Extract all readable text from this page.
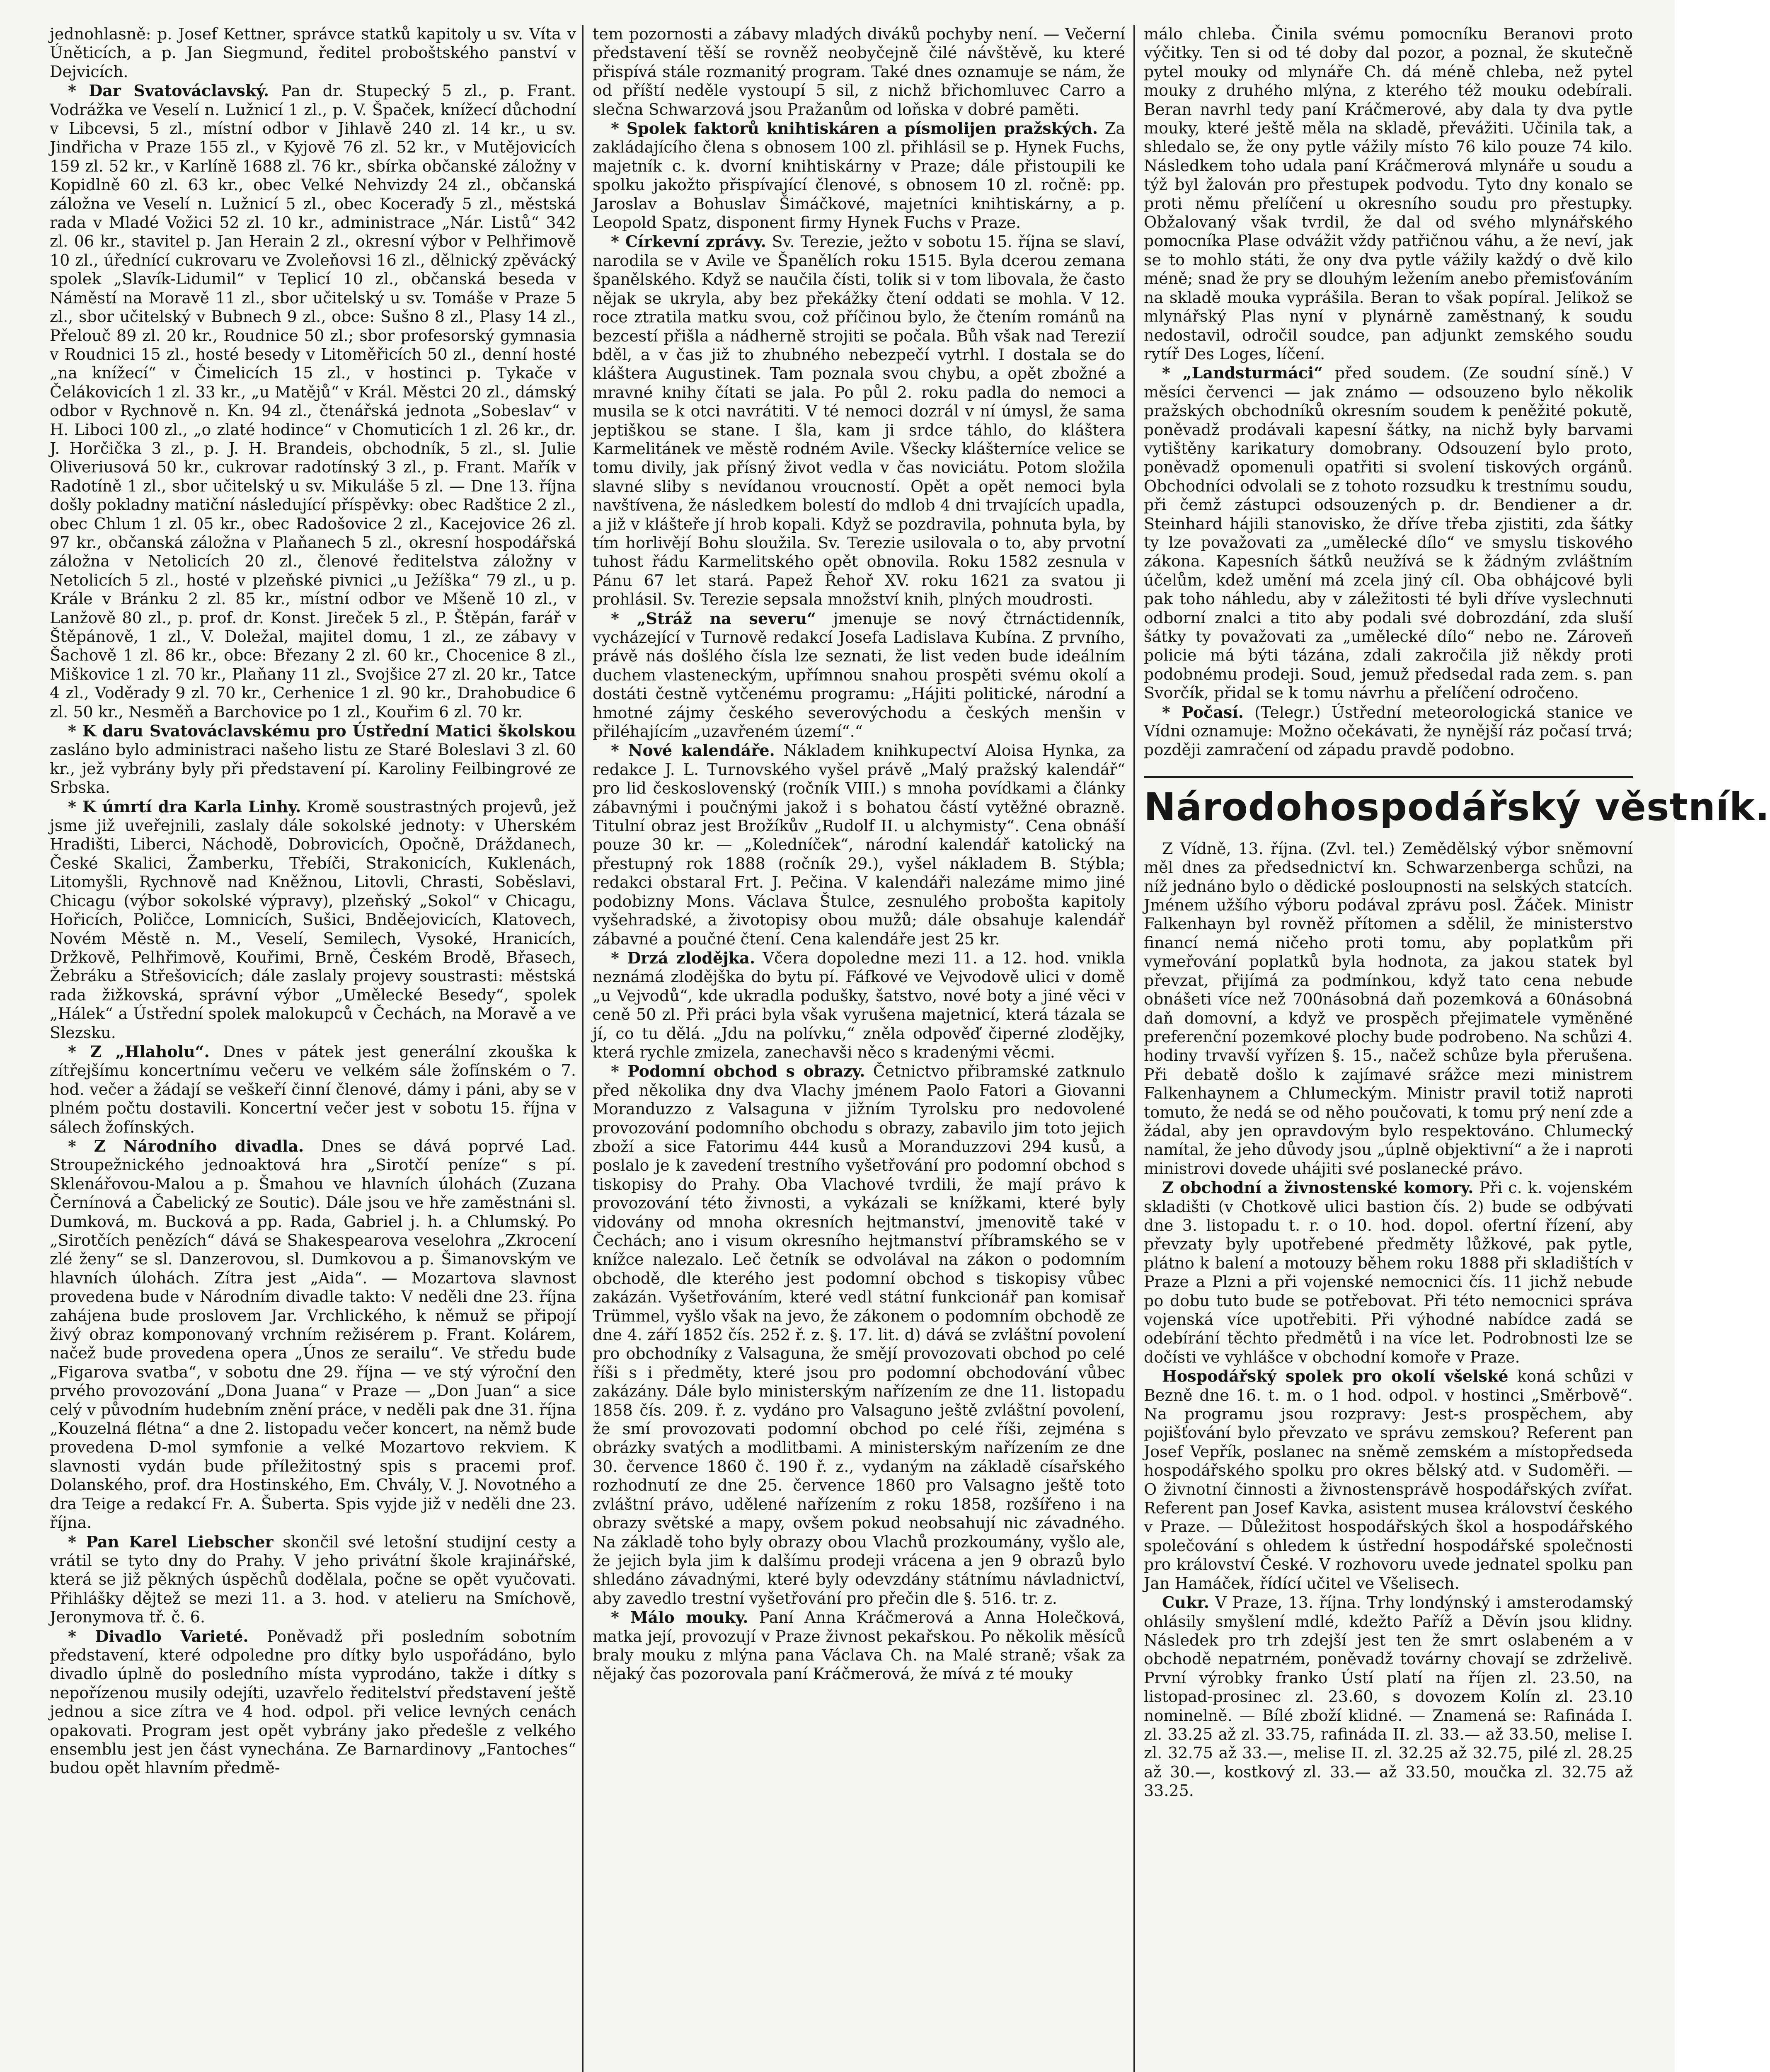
jednohlasně: p. Josef Kettner, správce statků kapitoly u sv. Víta v Úněticích, a p. Jan Siegmund, ředitel proboštského panství v Dejvicích.

* Dar Svatováclavský. Pan dr. Stupecký 5 zl., p. Frant. Vodrážka ve Veselí n. Lužnicí 1 zl., p. V. Špaček, knížecí důchodní v Libcevsi, 5 zl., místní odbor v Jihlavě 240 zl. 14 kr., u sv. Jindřicha v Praze 155 zl., v Kyjově 76 zl. 52 kr., v Mutějovicích 159 zl. 52 kr., v Karlíně 1688 zl. 76 kr., sbírka občanské záložny v Kopidlně 60 zl. 63 kr., obec Velké Nehvizdy 24 zl., občanská záložna ve Veselí n. Lužnicí 5 zl., obec Koceraďy 5 zl., městská rada v Mladé Vožici 52 zl. 10 kr., administrace „Nár. Listů“ 342 zl. 06 kr., stavitel p. Jan Herain 2 zl., okresní výbor v Pelhřimově 10 zl., úřednící cukrovaru ve Zvoleňovsi 16 zl., dělnický zpěvácký spolek „Slavík-Lidumil“ v Teplicí 10 zl., občanská beseda v Náměstí na Moravě 11 zl., sbor učitelský u sv. Tomáše v Praze 5 zl., sbor učitelský v Bubnech 9 zl., obce: Sušno 8 zl., Plasy 14 zl., Přelouč 89 zl. 20 kr., Roudnice 50 zl.; sbor profesorský gymnasia v Roudnici 15 zl., hosté besedy v Litoměřicích 50 zl., denní hosté „na knížecí“ v Čimelicích 15 zl., v hostinci p. Tykače v Čelákovicích 1 zl. 33 kr., „u Matějů“ v Král. Městci 20 zl., dámský odbor v Rychnově n. Kn. 94 zl., čtenářská jednota „Sobeslav“ v H. Liboci 100 zl., „o zlaté hodince“ v Chomuticích 1 zl. 26 kr., dr. J. Horčička 3 zl., p. J. H. Brandeis, obchodník, 5 zl., sl. Julie Oliveriusová 50 kr., cukrovar radotínský 3 zl., p. Frant. Mařík v Radotíně 1 zl., sbor učitelský u sv. Mikuláše 5 zl. — Dne 13. října došly pokladny matiční následující příspěvky: obec Radštice 2 zl., obec Chlum 1 zl. 05 kr., obec Radošovice 2 zl., Kacejovice 26 zl. 97 kr., občanská záložna v Plaňanech 5 zl., okresní hospodářská záložna v Netolicích 20 zl., členové ředitelstva záložny v Netolicích 5 zl., hosté v plzeňské pivnici „u Ježíška“ 79 zl., u p. Krále v Bránku 2 zl. 85 kr., místní odbor ve Mšeně 10 zl., v Lanžově 80 zl., p. prof. dr. Konst. Jireček 5 zl., P. Štěpán, farář v Štěpánově, 1 zl., V. Doležal, majitel domu, 1 zl., ze zábavy v Šachově 1 zl. 86 kr., obce: Březany 2 zl. 60 kr., Chocenice 8 zl., Miškovice 1 zl. 70 kr., Plaňany 11 zl., Svojšice 27 zl. 20 kr., Tatce 4 zl., Voděrady 9 zl. 70 kr., Cerhenice 1 zl. 90 kr., Drahobudice 6 zl. 50 kr., Nesměň a Barchovice po 1 zl., Kouřim 6 zl. 70 kr.

* K daru Svatováclavskému pro Ústřední Matici školskou zasláno bylo administraci našeho listu ze Staré Boleslavi 3 zl. 60 kr., jež vybrány byly při představení pí. Karoliny Feilbingrové ze Srbska.

* K úmrtí dra Karla Linhy. Kromě soustrastných projevů, jež jsme již uveřejnili, zaslaly dále sokolské jednoty: v Uherském Hradišti, Liberci, Náchodě, Dobrovicích, Opočně, Dráždanech, České Skalici, Žamberku, Třebíči, Strakonicích, Kuklenách, Litomyšli, Rychnově nad Kněžnou, Litovli, Chrasti, Soběslavi, Chicagu (výbor sokolské výpravy), plzeňský „Sokol“ v Chicagu, Hořicích, Poličce, Lomnicích, Sušici, Bnděejovicích, Klatovech, Novém Městě n. M., Veselí, Semilech, Vysoké, Hranicích, Držkově, Pelhřimově, Kouřimi, Brně, Českém Brodě, Břasech, Žebráku a Střešovicích; dále zaslaly projevy soustrasti: městská rada žižkovská, správní výbor „Umělecké Besedy“, spolek „Hálek“ a Ústřední spolek malokupců v Čechách, na Moravě a ve Slezsku.

* Z „Hlaholu“. Dnes v pátek jest generální zkouška k zítřejšímu koncertnímu večeru ve velkém sále žofínském o 7. hod. večer a žádají se veškeří činní členové, dámy i páni, aby se v plném počtu dostavili. Koncertní večer jest v sobotu 15. října v sálech žofínských.

* Z Národního divadla. Dnes se dává poprvé Lad. Stroupežnického jednoaktová hra „Sirotčí peníze“ s pí. Sklenářovou-Malou a p. Šmahou ve hlavních úlohách (Zuzana Černínová a Čabelický ze Soutic). Dále jsou ve hře zaměstnáni sl. Dumková, m. Bucková a pp. Rada, Gabriel j. h. a Chlumský. Po „Sirotčích penězích“ dává se Shakespearova veselohra „Zkrocení zlé ženy“ se sl. Danzerovou, sl. Dumkovou a p. Šimanovským ve hlavních úlohách. Zítra jest „Aida“. — Mozartova slavnost provedena bude v Národním divadle takto: V neděli dne 23. října zahájena bude proslovem Jar. Vrchlického, k němuž se připojí živý obraz komponovaný vrchním režisérem p. Frant. Kolárem, načež bude provedena opera „Únos ze serailu“. Ve středu bude „Figarova svatba“, v sobotu dne 29. října — ve stý výroční den prvého provozování „Dona Juana“ v Praze — „Don Juan“ a sice celý v původním hudebním znění práce, v neděli pak dne 31. října „Kouzelná flétna“ a dne 2. listopadu večer koncert, na němž bude provedena D-mol symfonie a velké Mozartovo rekviem. K slavnosti vydán bude příležitostný spis s pracemi prof. Dolanského, prof. dra Hostinského, Em. Chvály, V. J. Novotného a dra Teige a redakcí Fr. A. Šuberta. Spis vyjde již v neděli dne 23. října.

* Pan Karel Liebscher skončil své letošní studijní cesty a vrátil se tyto dny do Prahy. V jeho privátní škole krajinářské, která se již pěkných úspěchů dodělala, počne se opět vyučovati. Přihlášky dějtež se mezi 11. a 3. hod. v atelieru na Smíchově, Jeronymova tř. č. 6.

* Divadlo Varieté. Poněvadž při posledním sobotním představení, které odpoledne pro dítky bylo uspořádáno, bylo divadlo úplně do posledního místa vyprodáno, takže i dítky s nepořízenou musily odejíti, uzavřelo ředitelství představení ještě jednou a sice zítra ve 4 hod. odpol. při velice levných cenách opakovati. Program jest opět vybrány jako předešle z velkého ensemblu jest jen část vynechána. Ze Barnardinovy „Fantoches“ budou opět hlavním předmě-

tem pozornosti a zábavy mladých diváků pochyby není. — Večerní představení těší se rovněž neobyčejně čilé návštěvě, ku které přispívá stále rozmanitý program. Také dnes oznamuje se nám, že od příští neděle vystoupí 5 sil, z nichž břichomluvec Carro a slečna Schwarzová jsou Pražanům od loňska v dobré paměti.

* Spolek faktorů knihtiskáren a písmolijen pražských. Za zakládajícího člena s obnosem 100 zl. přihlásil se p. Hynek Fuchs, majetník c. k. dvorní knihtiskárny v Praze; dále přistoupili ke spolku jakožto přispívající členové, s obnosem 10 zl. ročně: pp. Jaroslav a Bohuslav Šimáčkové, majetníci knihtiskárny, a p. Leopold Spatz, disponent firmy Hynek Fuchs v Praze.

* Církevní zprávy. Sv. Terezie, ježto v sobotu 15. října se slaví, narodila se v Avile ve Španělích roku 1515. Byla dcerou zemana španělského. Když se naučila čísti, tolik si v tom libovala, že často nějak se ukryla, aby bez překážky čtení oddati se mohla. V 12. roce ztratila matku svou, což příčinou bylo, že čtením románů na bezcestí přišla a nádherně strojiti se počala. Bůh však nad Terezií bděl, a v čas již to zhubného nebezpečí vytrhl. I dostala se do kláštera Augustinek. Tam poznala svou chybu, a opět zbožné a mravné knihy čítati se jala. Po půl 2. roku padla do nemoci a musila se k otci navrátiti. V té nemoci dozrál v ní úmysl, že sama jeptiškou se stane. I šla, kam ji srdce táhlo, do kláštera Karmelitánek ve městě rodném Avile. Všecky klášterníce velice se tomu divily, jak přísný život vedla v čas noviciátu. Potom složila slavné sliby s nevídanou vroucností. Opět a opět nemoci byla navštívena, že následkem bolestí do mdlob 4 dni trvajících upadla, a již v klášteře jí hrob kopali. Když se pozdravila, pohnuta byla, by tím horlivějí Bohu sloužila. Sv. Terezie usilovala o to, aby prvotní tuhost řádu Karmelitského opět obnovila. Roku 1582 zesnula v Pánu 67 let stará. Papež Řehoř XV. roku 1621 za svatou ji prohlásil. Sv. Terezie sepsala množství knih, plných moudrosti.

* „Stráž na severu“ jmenuje se nový čtrnáctidenník, vycházející v Turnově redakcí Josefa Ladislava Kubína. Z prvního, právě nás došlého čísla lze seznati, že list veden bude ideálním duchem vlasteneckým, upřímnou snahou prospěti svému okolí a dostáti čestně vytčenému programu: „Hájiti politické, národní a hmotné zájmy českého severovýchodu a českých menšin v přiléhajícím „uzavřeném území“.“

* Nové kalendáře. Nákladem knihkupectví Aloisa Hynka, za redakce J. L. Turnovského vyšel právě „Malý pražský kalendář“ pro lid československý (ročník VIII.) s mnoha povídkami a články zábavnými i poučnými jakož i s bohatou částí vytěžné obrazně. Titulní obraz jest Brožíkův „Rudolf II. u alchymisty“. Cena obnáší pouze 30 kr. — „Koledníček“, národní kalendář katolický na přestupný rok 1888 (ročník 29.), vyšel nákladem B. Stýbla; redakci obstaral Frt. J. Pečina. V kalendáři nalezáme mimo jiné podobizny Mons. Václava Štulce, zesnulého probošta kapitoly vyšehradské, a životopisy obou mužů; dále obsahuje kalendář zábavné a poučné čtení. Cena kalendáře jest 25 kr.

* Drzá zlodějka. Včera dopoledne mezi 11. a 12. hod. vnikla neznámá zlodějška do bytu pí. Fáfkové ve Vejvodově ulici v domě „u Vejvodů“, kde ukradla podušky, šatstvo, nové boty a jiné věci v ceně 50 zl. Při práci byla však vyrušena majetnicí, která tázala se jí, co tu dělá. „Jdu na polívku,“ zněla odpověď čiperné zlodějky, která rychle zmizela, zanechavši něco s kradenými věcmi.

* Podomní obchod s obrazy. Četnictvo přibramské zatknulo před několika dny dva Vlachy jménem Paolo Fatori a Giovanni Moranduzzo z Valsaguna v jižním Tyrolsku pro nedovolené provozování podomního obchodu s obrazy, zabavilo jim toto jejich zboží a sice Fatorimu 444 kusů a Moranduzzovi 294 kusů, a poslalo je k zavedení trestního vyšetřování pro podomní obchod s tiskopisy do Prahy. Oba Vlachové tvrdili, že mají právo k provozování této živnosti, a vykázali se knížkami, které byly vidovány od mnoha okresních hejtmanství, jmenovitě také v Čechách; ano i visum okresního hejtmanství příbramského se v knížce nalezalo. Leč četník se odvolával na zákon o podomním obchodě, dle kterého jest podomní obchod s tiskopisy vůbec zakázán. Vyšetřováním, které vedl státní funkcionář pan komisař Trümmel, vyšlo však na jevo, že zákonem o podomním obchodě ze dne 4. září 1852 čís. 252 ř. z. §. 17. lit. d) dává se zvláštní povolení pro obchodníky z Valsaguna, že smějí provozovati obchod po celé říši s i předměty, které jsou pro podomní obchodování vůbec zakázány. Dále bylo ministerským nařízením ze dne 11. listopadu 1858 čís. 209. ř. z. vydáno pro Valsaguno ještě zvláštní povolení, že smí provozovati podomní obchod po celé říši, zejména s obrázky svatých a modlitbami. A ministerským nařízením ze dne 30. července 1860 č. 190 ř. z., vydaným na základě císařského rozhodnutí ze dne 25. července 1860 pro Valsagno ještě toto zvláštní právo, udělené nařízením z roku 1858, rozšířeno i na obrazy světské a mapy, ovšem pokud neobsahují nic závadného. Na základě toho byly obrazy obou Vlachů prozkoumány, vyšlo ale, že jejich byla jim k dalšímu prodeji vrácena a jen 9 obrazů bylo shledáno závadnými, které byly odevzdány státnímu návladnictví, aby zavedlo trestní vyšetřování pro přečin dle §. 516. tr. z.

* Málo mouky. Paní Anna Kráčmerová a Anna Holečková, matka její, provozují v Praze živnost pekařskou. Po několik měsíců braly mouku z mlýna pana Václava Ch. na Malé straně; však za nějaký čas pozorovala paní Kráčmerová, že mívá z té mouky

málo chleba. Činila svému pomocníku Beranovi proto výčitky. Ten si od té doby dal pozor, a poznal, že skutečně pytel mouky od mlynáře Ch. dá méně chleba, než pytel mouky z druhého mlýna, z kterého též mouku odebírali. Beran navrhl tedy paní Kráčmerové, aby dala ty dva pytle mouky, které ještě měla na skladě, převážiti. Učinila tak, a shledalo se, že ony pytle vážily místo 76 kilo pouze 74 kilo. Následkem toho udala paní Kráčmerová mlynáře u soudu a týž byl žalován pro přestupek podvodu. Tyto dny konalo se proti němu přelíčení u okresního soudu pro přestupky. Obžalovaný však tvrdil, že dal od svého mlynářského pomocníka Plase odvážit vždy patřičnou váhu, a že neví, jak se to mohlo státi, že ony dva pytle vážily každý o dvě kilo méně; snad že pry se dlouhým ležením anebo přemisťováním na skladě mouka vyprášila. Beran to však popíral. Jelikož se mlynářský Plas nyní v plynárně zaměstnaný, k soudu nedostavil, odročil soudce, pan adjunkt zemského soudu rytíř Des Loges, líčení.

* „Landsturmáci“ před soudem. (Ze soudní síně.) V měsíci červenci — jak známo — odsouzeno bylo několik pražských obchodníků okresním soudem k peněžité pokutě, poněvadž prodávali kapesní šátky, na nichž byly barvami vytištěny karikatury domobrany. Odsouzení bylo proto, poněvadž opomenuli opatřiti si svolení tiskových orgánů. Obchodníci odvolali se z tohoto rozsudku k trestnímu soudu, při čemž zástupci odsouzených p. dr. Bendiener a dr. Steinhard hájili stanovisko, že dříve třeba zjistiti, zda šátky ty lze považovati za „umělecké dílo“ ve smyslu tiskového zákona. Kapesních šátků neužívá se k žádným zvláštním účelům, kdež umění má zcela jiný cíl. Oba obhájcové byli pak toho náhledu, aby v záležitosti té byli dříve vyslechnuti odborní znalci a tito aby podali své dobrozdání, zda sluší šátky ty považovati za „umělecké dílo“ nebo ne. Zároveň policie má býti tázána, zdali zakročila již někdy proti podobnému prodeji. Soud, jemuž předsedal rada zem. s. pan Svorčík, přidal se k tomu návrhu a přelíčení odročeno.

* Počasí. (Telegr.) Ústřední meteorologická stanice ve Vídni oznamuje: Možno očekávati, že nynější ráz počasí trvá; později zamračení od západu pravdě podobno.

Národohospodářský věstník.

Z Vídně, 13. října. (Zvl. tel.) Zemědělský výbor sněmovní měl dnes za předsednictví kn. Schwarzenberga schůzi, na níž jednáno bylo o dědické posloupnosti na selských statcích. Jménem užšího výboru podával zprávu posl. Žáček. Ministr Falkenhayn byl rovněž přítomen a sdělil, že ministerstvo financí nemá ničeho proti tomu, aby poplatkům při vymeřování poplatků byla hodnota, za jakou statek byl převzat, přijímá za podmínkou, když tato cena nebude obnášeti více než 700násobná daň pozemková a 60násobná daň domovní, a když ve prospěch přejimatele vyměněné preferenční pozemkové plochy bude podrobeno. Na schůzi 4. hodiny trvavší vyřízen §. 15., načež schůze byla přerušena. Při debatě došlo k zajímavé srážce mezi ministrem Falkenhaynem a Chlumeckým. Ministr pravil totiž naproti tomuto, že nedá se od něho poučovati, k tomu prý není zde a žádal, aby jen opravdovým bylo respektováno. Chlumecký namítal, že jeho důvody jsou „úplně objektivní“ a že i naproti ministrovi dovede uhájiti své poslanecké právo.

Z obchodní a živnostenské komory. Při c. k. vojenském skladišti (v Chotkově ulici bastion čís. 2) bude se odbývati dne 3. listopadu t. r. o 10. hod. dopol. ofertní řízení, aby převzaty byly upotřebené předměty lůžkové, pak pytle, plátno k balení a motouzy během roku 1888 při skladištích v Praze a Plzni a při vojenské nemocnici čís. 11 jichž nebude po dobu tuto bude se potřebovat. Při této nemocnici správa vojenská více upotřebiti. Při výhodné nabídce zadá se odebírání těchto předmětů i na více let. Podrobnosti lze se dočísti ve vyhlášce v obchodní komoře v Praze.

Hospodářský spolek pro okolí všelské koná schůzi v Bezně dne 16. t. m. o 1 hod. odpol. v hostinci „Směrbově“. Na programu jsou rozpravy: Jest-s prospěchem, aby pojišťování bylo převzato ve správu zemskou? Referent pan Josef Vepřík, poslanec na sněmě zemském a místopředseda hospodářského spolku pro okres bělský atd. v Sudoměři. — O živnotní činnosti a živnostensprávě hospodářských zvířat. Referent pan Josef Kavka, asistent musea království českého v Praze. — Důležitost hospodářských škol a hospodářského společování s ohledem k ústřední hospodářské společnosti pro království České. V rozhovoru uvede jednatel spolku pan Jan Hamáček, řídící učitel ve Všelisech.

Cukr. V Praze, 13. října. Trhy londýnský i amsterodamský ohlásily smyšlení mdlé, kdežto Paříž a Děvín jsou klidny. Následek pro trh zdejší jest ten že smrt oslabeném a v obchodě nepatrném, poněvadž továrny chovají se zdrželivě. První výrobky franko Ústí platí na říjen zl. 23.50, na listopad-prosinec zl. 23.60, s dovozem Kolín zl. 23.10 nominelně. — Bílé zboží klidné. — Znamená se: Rafináda I. zl. 33.25 až zl. 33.75, rafináda II. zl. 33.— až 33.50, melise I. zl. 32.75 až 33.—, melise II. zl. 32.25 až 32.75, pilé zl. 28.25 až 30.—, kostkový zl. 33.— až 33.50, moučka zl. 32.75 až 33.25.
